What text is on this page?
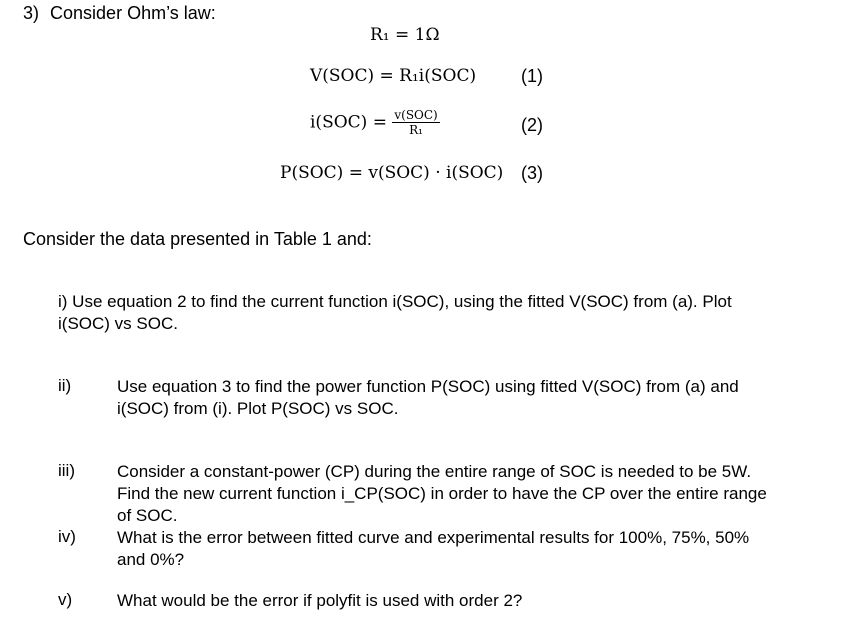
3) Consider Ohm’s law:
R₁ = 1Ω
V(SOC) = R₁i(SOC) (1)
$i(SOC) = \frac{\text{v(SOC)}}{\text{R₁}}$	(2)
P(SOC) = v(SOC) · i(SOC) (3)
Consider the data presented in Table 1 and:
i) Use equation 2 to find the current function i(SOC), using the fitted V(SOC) from (a). Plot
i(SOC) vs SOC.
ii)	Use equation 3 to find the power function P(SOC) using fitted V(SOC) from (a) and
i(SOC) from (i). Plot P(SOC) vs SOC.
iii) Consider a constant-power (CP) during the entire range of SOC is needed to be 5W.
Find the new current function i_CP(SOC) in order to have the CP over the entire range
of SOC.
iv) What is the error between fitted curve and experimental results for 100%, 75%, 50%
and 0%?
v)	What would be the error if polyfit is used with order 2?
